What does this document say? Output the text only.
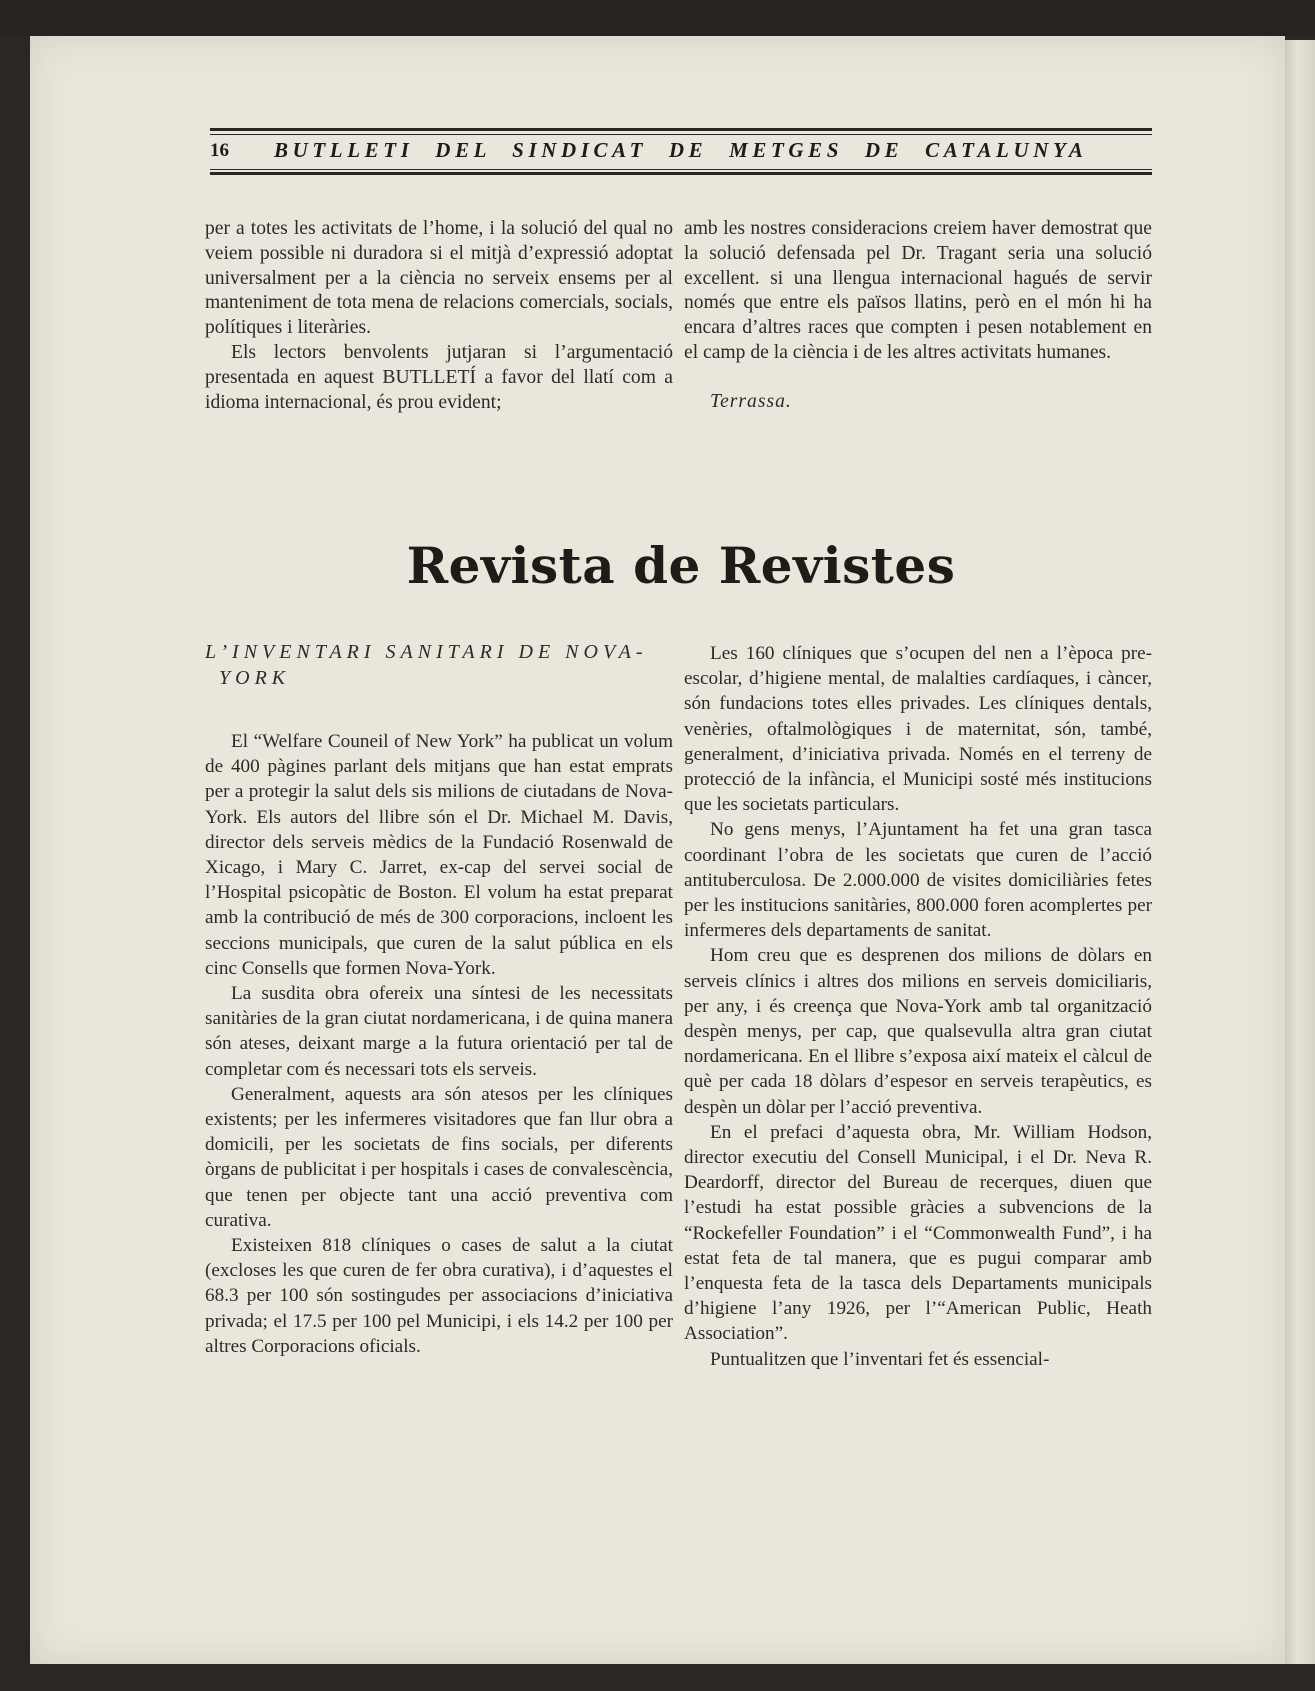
16 BUTLLETI DEL SINDICAT DE METGES DE CATALUNYA

per a totes les activitats de l’home, i la solució del qual no veiem possible ni duradora si el mitjà d’expressió adoptat universalment per a la ciència no serveix ensems per al manteniment de tota mena de relacions comercials, socials, polítiques i literàries.

Els lectors benvolents jutjaran si l’argumentació presentada en aquest BUTLLETÍ a favor del llatí com a idioma internacional, és prou evident;

amb les nostres consideracions creiem haver demostrat que la solució defensada pel Dr. Tragant seria una solució excellent. si una llengua internacional hagués de servir només que entre els països llatins, però en el món hi ha encara d’altres races que compten i pesen notablement en el camp de la ciència i de les altres activitats humanes.

Terrassa.

Revista de Revistes

L’INVENTARI SANITARI DE NOVA-
YORK

El “Welfare Couneil of New York” ha publicat un volum de 400 pàgines parlant dels mitjans que han estat emprats per a protegir la salut dels sis milions de ciutadans de Nova-York. Els autors del llibre són el Dr. Michael M. Davis, director dels serveis mèdics de la Fundació Rosenwald de Xicago, i Mary C. Jarret, ex-cap del servei social de l’Hospital psicopàtic de Boston. El volum ha estat preparat amb la contribució de més de 300 corporacions, incloent les seccions municipals, que curen de la salut pública en els cinc Consells que formen Nova-York.

La susdita obra ofereix una síntesi de les necessitats sanitàries de la gran ciutat nordamericana, i de quina manera són ateses, deixant marge a la futura orientació per tal de completar com és necessari tots els serveis.

Generalment, aquests ara són atesos per les clíniques existents; per les infermeres visitadores que fan llur obra a domicili, per les societats de fins socials, per diferents òrgans de publicitat i per hospitals i cases de convalescència, que tenen per objecte tant una acció preventiva com curativa.

Existeixen 818 clíniques o cases de salut a la ciutat (excloses les que curen de fer obra curativa), i d’aquestes el 68.3 per 100 són sostingudes per associacions d’iniciativa privada; el 17.5 per 100 pel Municipi, i els 14.2 per 100 per altres Corporacions oficials.

Les 160 clíniques que s’ocupen del nen a l’època pre-escolar, d’higiene mental, de malalties cardíaques, i càncer, són fundacions totes elles privades. Les clíniques dentals, venèries, oftalmològiques i de maternitat, són, també, generalment, d’iniciativa privada. Només en el terreny de protecció de la infància, el Municipi sosté més institucions que les societats particulars.

No gens menys, l’Ajuntament ha fet una gran tasca coordinant l’obra de les societats que curen de l’acció antituberculosa. De 2.000.000 de visites domiciliàries fetes per les institucions sanitàries, 800.000 foren acomplertes per infermeres dels departaments de sanitat.

Hom creu que es desprenen dos milions de dòlars en serveis clínics i altres dos milions en serveis domiciliaris, per any, i és creença que Nova-York amb tal organització despèn menys, per cap, que qualsevulla altra gran ciutat nordamericana. En el llibre s’exposa així mateix el càlcul de què per cada 18 dòlars d’espesor en serveis terapèutics, es despèn un dòlar per l’acció preventiva.

En el prefaci d’aquesta obra, Mr. William Hodson, director executiu del Consell Municipal, i el Dr. Neva R. Deardorff, director del Bureau de recerques, diuen que l’estudi ha estat possible gràcies a subvencions de la “Rockefeller Foundation” i el “Commonwealth Fund”, i ha estat feta de tal manera, que es pugui comparar amb l’enquesta feta de la tasca dels Departaments municipals d’higiene l’any 1926, per l’“American Public, Heath Association”.

Puntualitzen que l’inventari fet és essencial-
